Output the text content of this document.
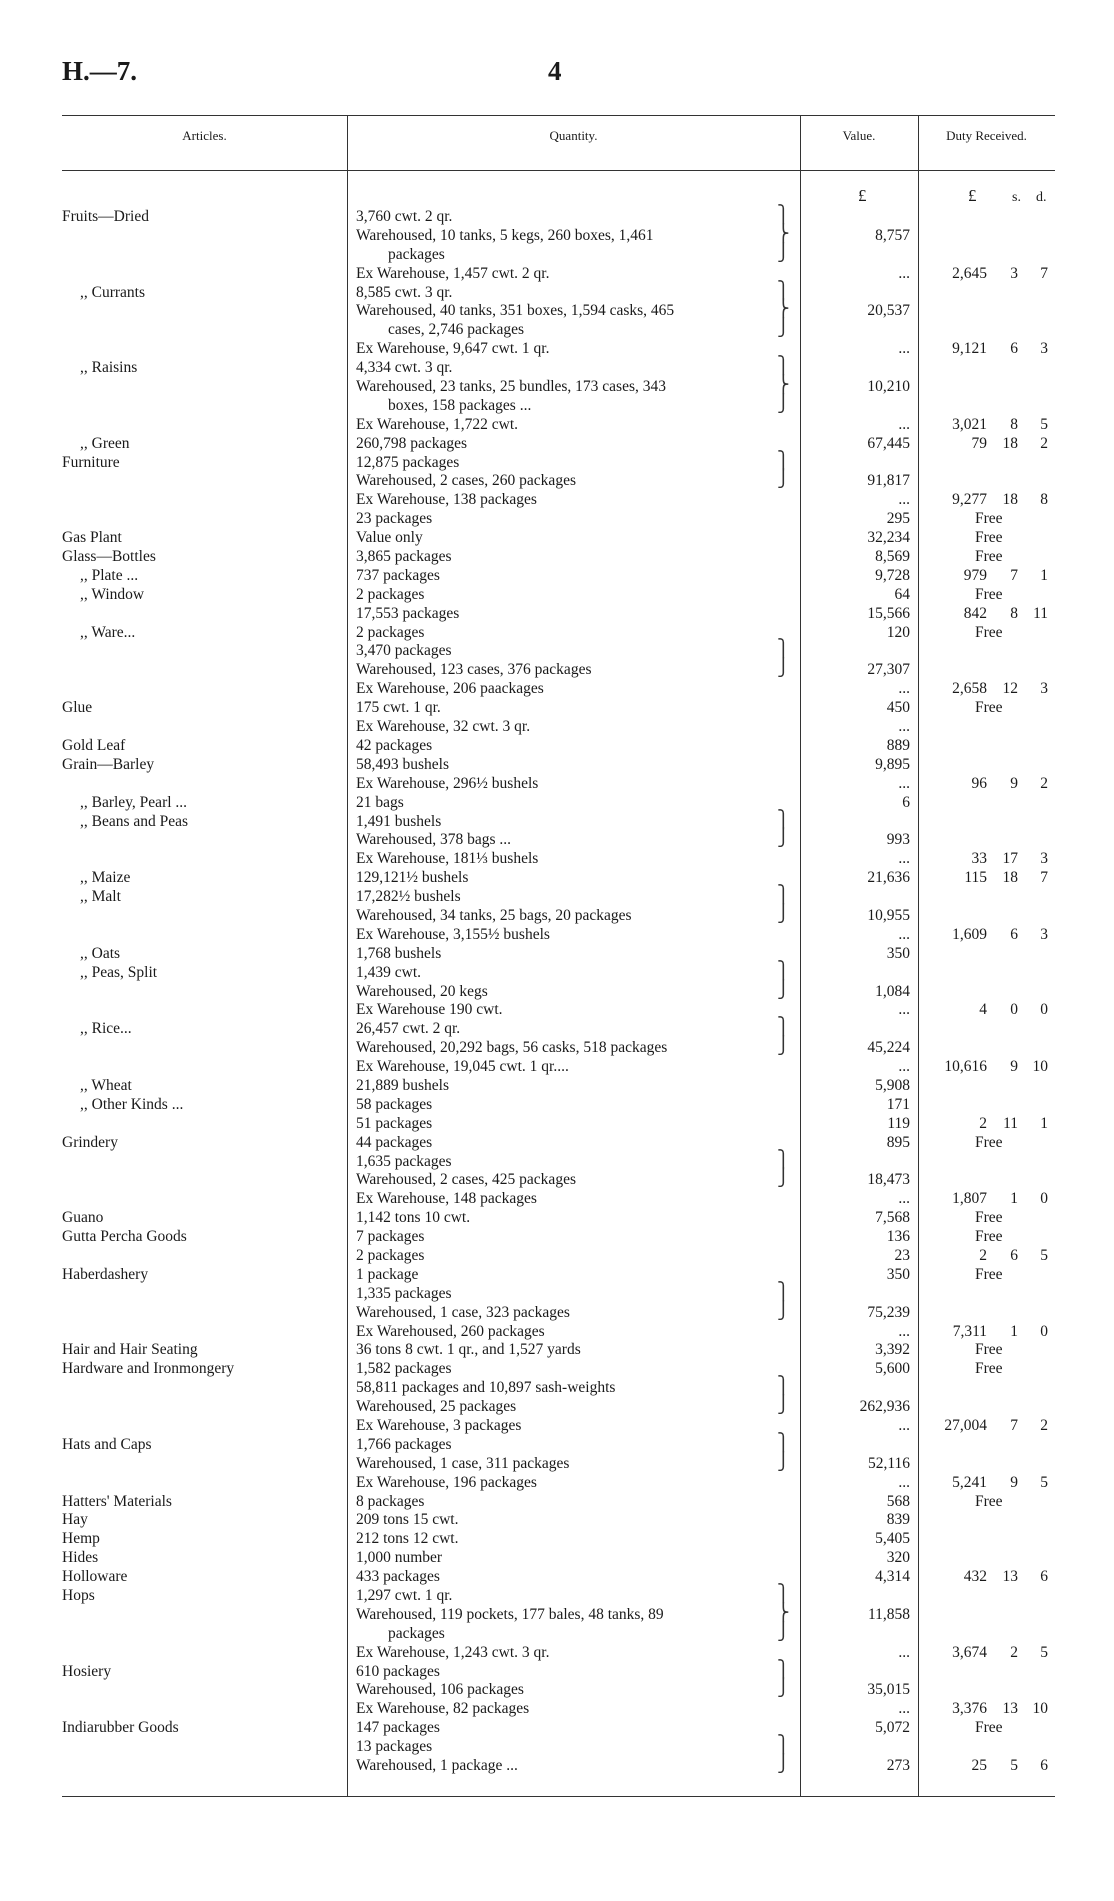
H.—7.	4
Articles.	Quantity.	Value.	Duty Received.
£	£	s. d.
Fruits—Dried	3,760 cwt. 2 qr.	⎫
Warehoused, 10 tanks, 5 kegs, 260 boxes, 1,461	⎬	8,757
packages	⎭
Ex Warehouse, 1,457 cwt. 2 qr.	...	2,645	3	7
,, Currants	8,585 cwt. 3 qr.	⎫
Warehoused, 40 tanks, 351 boxes, 1,594 casks, 465	⎬	20,537
cases, 2,746 packages	⎭
Ex Warehouse, 9,647 cwt. 1 qr.	...	9,121	6	3
,, Raisins	4,334 cwt. 3 qr.	⎫
Warehoused, 23 tanks, 25 bundles, 173 cases, 343	⎬	10,210
boxes, 158 packages ...	⎭
Ex Warehouse, 1,722 cwt.	...	3,021	8	5
,, Green	260,798 packages	67,445	79	18	2
Furniture	12,875 packages	⎫
Warehoused, 2 cases, 260 packages	⎭	91,817
Ex Warehouse, 138 packages	...	9,277	18	8
23 packages	295	Free
Gas Plant	Value only	32,234	Free
Glass—Bottles	3,865 packages	8,569	Free
,, Plate ...	737 packages	9,728	979	7	1
,, Window	2 packages	64	Free
17,553 packages	15,566	842	8 11
,, Ware...	2 packages	120	Free
3,470 packages	⎫
Warehoused, 123 cases, 376 packages	⎭	27,307
Ex Warehouse, 206 paackages	...	2,658	12	3
Glue	175 cwt. 1 qr.	450	Free
Ex Warehouse, 32 cwt. 3 qr.	...
Gold Leaf	42 packages	889
Grain—Barley	58,493 bushels	9,895
Ex Warehouse, 296½ bushels	...	96	9	2
,, Barley, Pearl ...	21 bags	6
,, Beans and Peas	1,491 bushels	⎫
Warehoused, 378 bags ...	⎭	993
Ex Warehouse, 181⅓ bushels	...	33	17	3
,, Maize	129,121½ bushels	21,636	115	18	7
,, Malt	17,282½ bushels	⎫
Warehoused, 34 tanks, 25 bags, 20 packages	⎭	10,955
Ex Warehouse, 3,155½ bushels	...	1,609	6	3
,, Oats	1,768 bushels	350
,, Peas, Split	1,439 cwt.	⎫
Warehoused, 20 kegs	⎭	1,084
Ex Warehouse 190 cwt.	...	4	0	0
,, Rice...	26,457 cwt. 2 qr.	⎫
Warehoused, 20,292 bags, 56 casks, 518 packages	⎭	45,224
Ex Warehouse, 19,045 cwt. 1 qr....	...	10,616	9 10
,, Wheat	21,889 bushels	5,908
,, Other Kinds ...	58 packages	171
51 packages	119	2	11	1
Grindery	44 packages	895	Free
1,635 packages	⎫
Warehoused, 2 cases, 425 packages	⎭	18,473
Ex Warehouse, 148 packages	...	1,807	1	0
Guano	1,142 tons 10 cwt.	7,568	Free
Gutta Percha Goods	7 packages	136	Free
2 packages	23	2	6	5
Haberdashery	1 package	350	Free
1,335 packages	⎫
Warehoused, 1 case, 323 packages	⎭	75,239
Ex Warehoused, 260 packages	...	7,311	1	0
Hair and Hair Seating	36 tons 8 cwt. 1 qr., and 1,527 yards	3,392	Free
Hardware and Ironmongery	1,582 packages	5,600	Free
58,811 packages and 10,897 sash-weights	⎫
Warehoused, 25 packages	⎭	262,936
Ex Warehouse, 3 packages	...	27,004	7	2
Hats and Caps	1,766 packages	⎫
Warehoused, 1 case, 311 packages	⎭	52,116
Ex Warehouse, 196 packages	...	5,241	9	5
Hatters' Materials	8 packages	568	Free
Hay	209 tons 15 cwt.	839
Hemp	212 tons 12 cwt.	5,405
Hides	1,000 number	320
Holloware	433 packages	4,314	432	13	6
Hops	1,297 cwt. 1 qr.	⎫
Warehoused, 119 pockets, 177 bales, 48 tanks, 89	⎬	11,858
packages	⎭
Ex Warehouse, 1,243 cwt. 3 qr.	...	3,674	2	5
Hosiery	610 packages	⎫
Warehoused, 106 packages	⎭	35,015
Ex Warehouse, 82 packages	...	3,376	13 10
Indiarubber Goods	147 packages	5,072	Free
13 packages	⎫
Warehoused, 1 package ...	⎭	273	25	5	6
